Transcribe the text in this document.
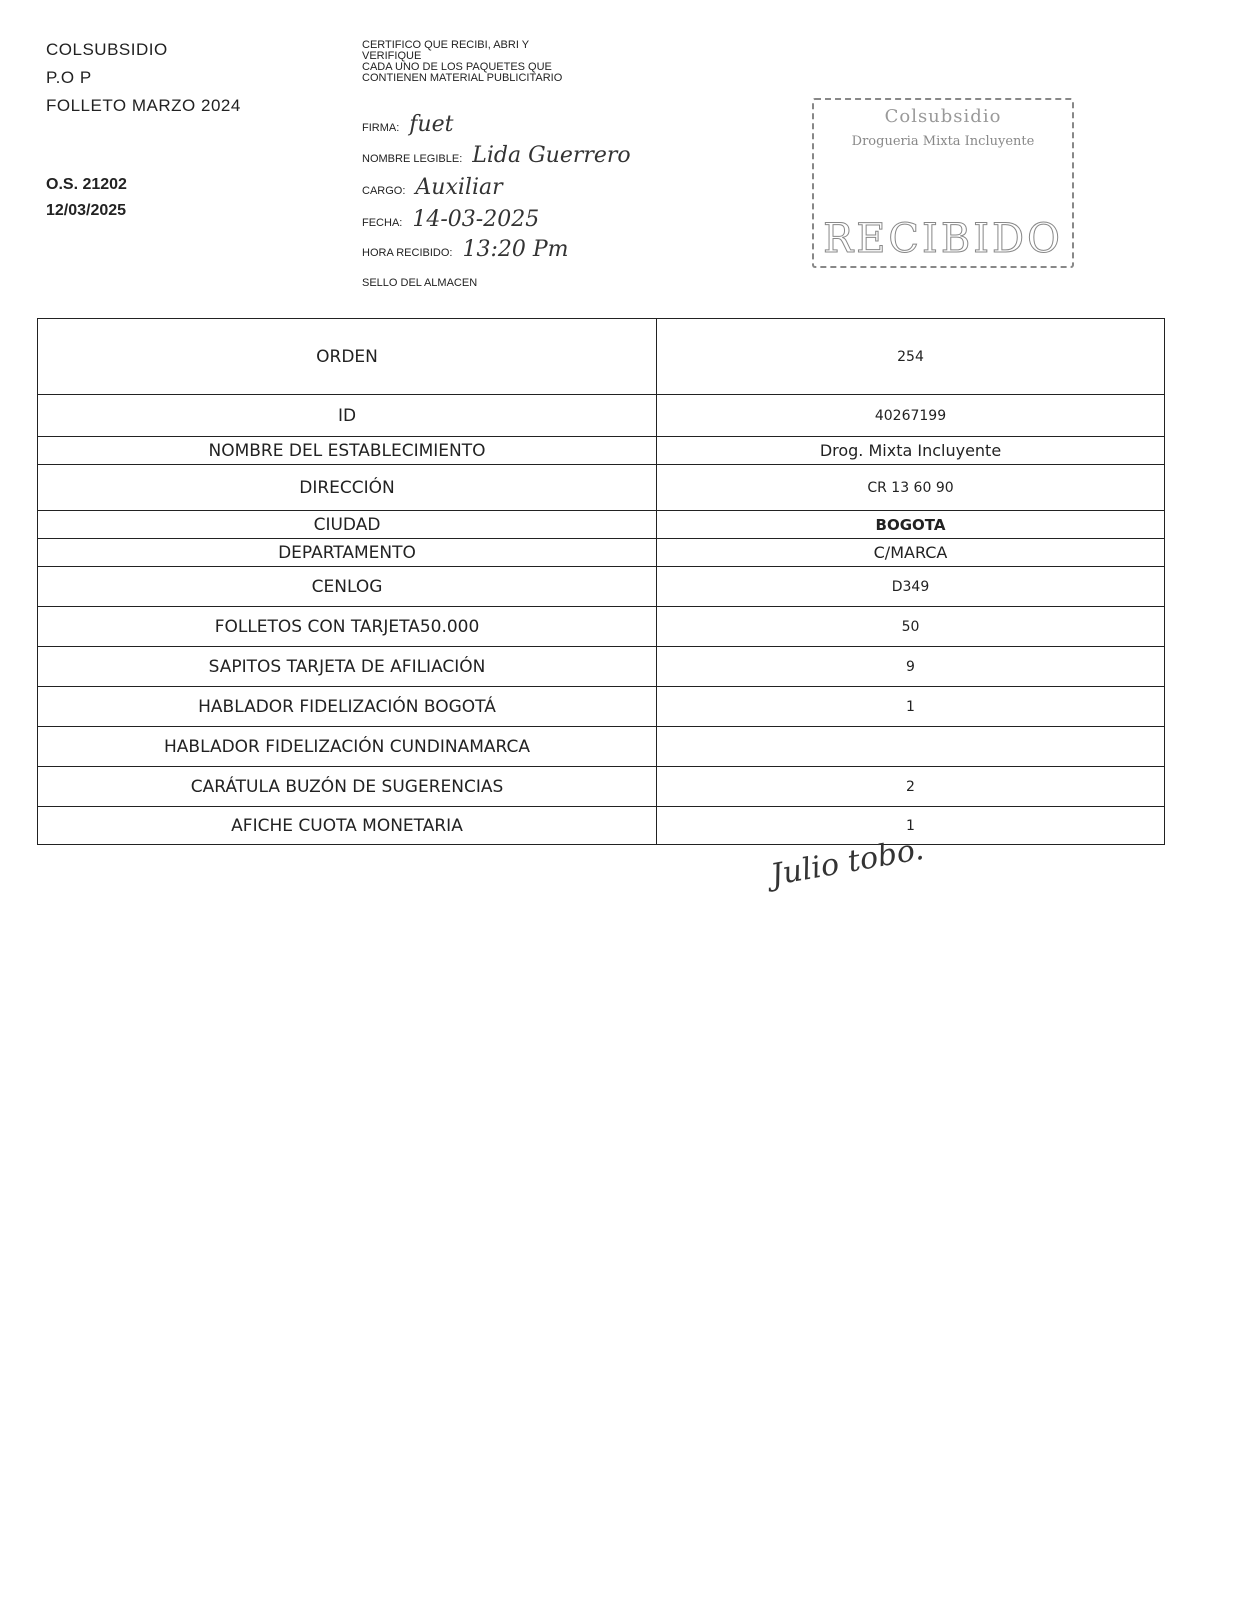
COLSUBSIDIO
P.O P
FOLLETO MARZO 2024
O.S. 21202
12/03/2025
CERTIFICO QUE RECIBI, ABRI Y
VERIFIQUE
CADA UNO DE LOS PAQUETES QUE
CONTIENEN MATERIAL PUBLICITARIO
FIRMA: fuet
NOMBRE LEGIBLE: Lida Guerrero
CARGO: Auxiliar
FECHA: 14-03-2025
HORA RECIBIDO: 13:20 Pm
SELLO DEL ALMACEN
Colsubsidio
Drogueria Mixta Incluyente
RECIBIDO
ORDEN	254
ID	40267199
NOMBRE DEL ESTABLECIMIENTO	Drog. Mixta Incluyente
DIRECCIÓN	CR 13 60 90
CIUDAD	BOGOTA
DEPARTAMENTO	C/MARCA
CENLOG	D349
FOLLETOS CON TARJETA50.000	50
SAPITOS TARJETA DE AFILIACIÓN	9
HABLADOR FIDELIZACIÓN BOGOTÁ	1
HABLADOR FIDELIZACIÓN CUNDINAMARCA	
CARÁTULA BUZÓN DE SUGERENCIAS	2
AFICHE CUOTA MONETARIA	1
Julio tobo.
